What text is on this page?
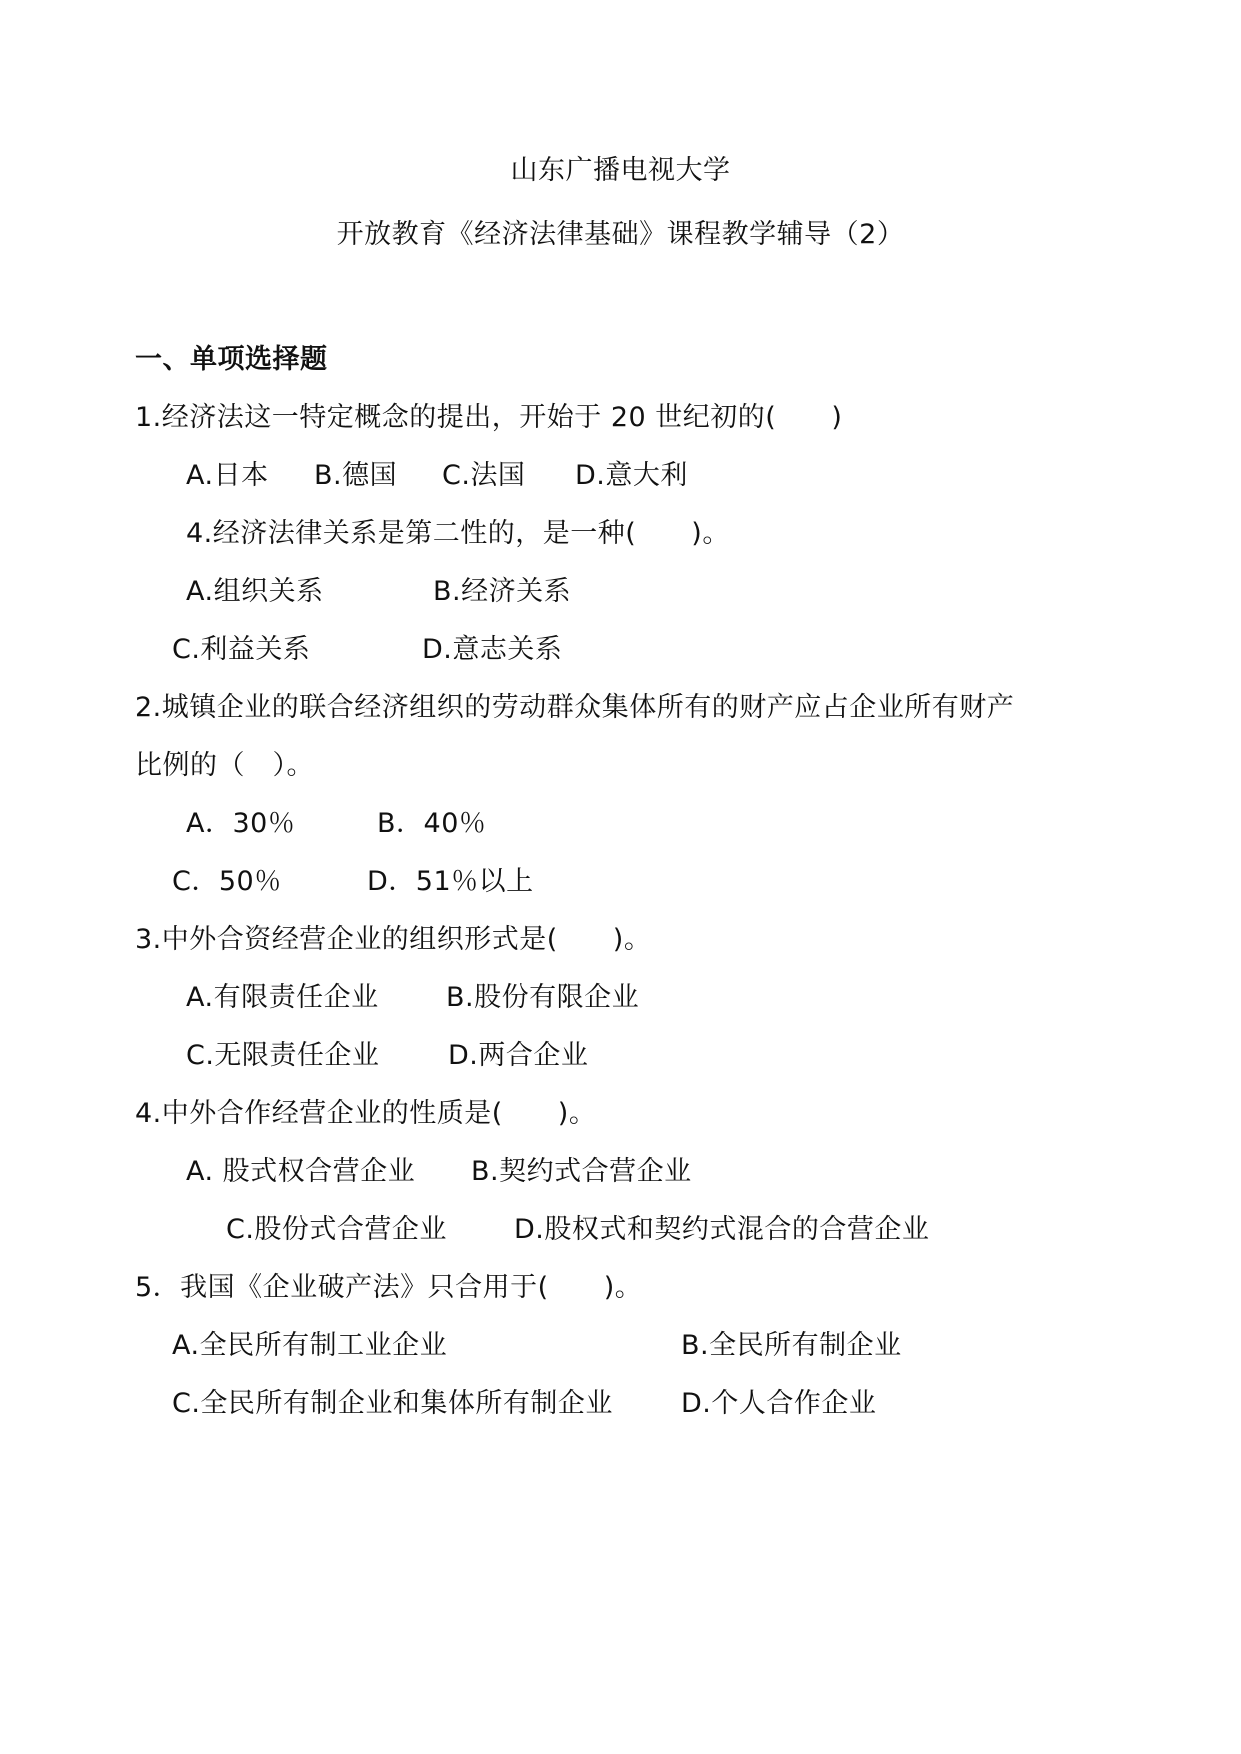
山东广播电视大学
开放教育《经济法律基础》课程教学辅导（2）
一、单项选择题
1.经济法这一特定概念的提出，开始于 20 世纪初的(　　)
A.日本 B.德国 C.法国 D.意大利
4.经济法律关系是第二性的，是一种(　　)。
A.组织关系	B.经济关系
C.利益关系	D.意志关系
2.城镇企业的联合经济组织的劳动群众集体所有的财产应占企业所有财产
比例的（　）。
A．30％	B．40％
C．50％	D．51％以上
3.中外合资经营企业的组织形式是(　　)。
A.有限责任企业 B.股份有限企业
C.无限责任企业	D.两合企业
4.中外合作经营企业的性质是(　　)。
A. 股式权合营企业 B.契约式合营企业
C.股份式合营企业 D.股权式和契约式混合的合营企业
5．我国《企业破产法》只合用于(　　)。
A.全民所有制工业企业	B.全民所有制企业
C.全民所有制企业和集体所有制企业	D.个人合作企业
